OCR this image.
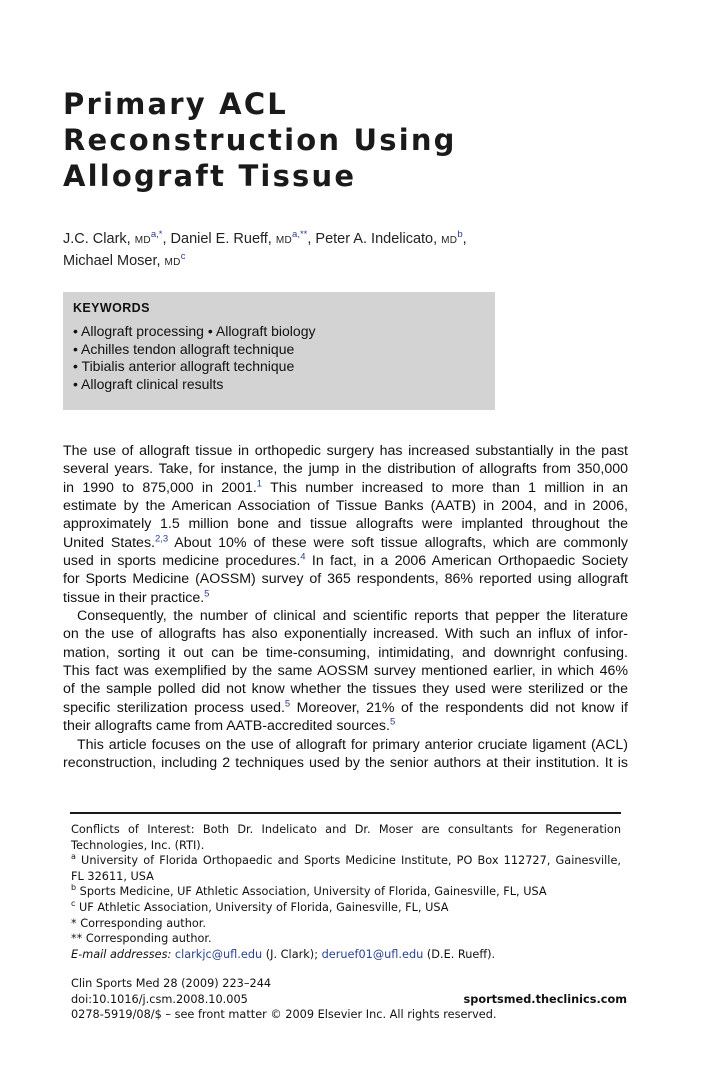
Primary ACL
Reconstruction Using
Allograft Tissue
J.C. Clark, $MD^{a,*}$, Daniel E. Rueff, $MD^{a,**}$, Peter A. Indelicato, $MD^b$,
Michael Moser, $MD^c$
KEYWORDS
• Allograft processing • Allograft biology
• Achilles tendon allograft technique
• Tibialis anterior allograft technique
• Allograft clinical results
The use of allograft tissue in orthopedic surgery has increased substantially in the past
several years. Take, for instance, the jump in the distribution of allografts from 350,000
in 1990 to 875,000 in 2001.$^1$ This number increased to more than 1 million in an
estimate by the American Association of Tissue Banks (AATB) in 2004, and in 2006,
approximately 1.5 million bone and tissue allografts were implanted throughout the
United States.$^{2,3}$ About 10% of these were soft tissue allografts, which are commonly
used in sports medicine procedures.$^4$ In fact, in a 2006 American Orthopaedic Society
for Sports Medicine (AOSSM) survey of 365 respondents, 86% reported using allograft
tissue in their practice.$^5$
Consequently, the number of clinical and scientific reports that pepper the literature
on the use of allografts has also exponentially increased. With such an influx of infor-
mation, sorting it out can be time-consuming, intimidating, and downright confusing.
This fact was exemplified by the same AOSSM survey mentioned earlier, in which 46%
of the sample polled did not know whether the tissues they used were sterilized or the
specific sterilization process used.$^5$ Moreover, 21% of the respondents did not know if
their allografts came from AATB-accredited sources.$^5$
This article focuses on the use of allograft for primary anterior cruciate ligament (ACL)
reconstruction, including 2 techniques used by the senior authors at their institution. It is
Conflicts of Interest: Both Dr. Indelicato and Dr. Moser are consultants for Regeneration
Technologies, Inc. (RTI).
$^a$ University of Florida Orthopaedic and Sports Medicine Institute, PO Box 112727, Gainesville,
FL 32611, USA
$^b$ Sports Medicine, UF Athletic Association, University of Florida, Gainesville, FL, USA
$^c$ UF Athletic Association, University of Florida, Gainesville, FL, USA
* Corresponding author.
** Corresponding author.
E-mail addresses: clarkjc@ufl.edu (J. Clark); deruef01@ufl.edu (D.E. Rueff).
Clin Sports Med 28 (2009) 223–244
doi:10.1016/j.csm.2008.10.005	sportsmed.theclinics.com
0278-5919/08/$ – see front matter © 2009 Elsevier Inc. All rights reserved.
